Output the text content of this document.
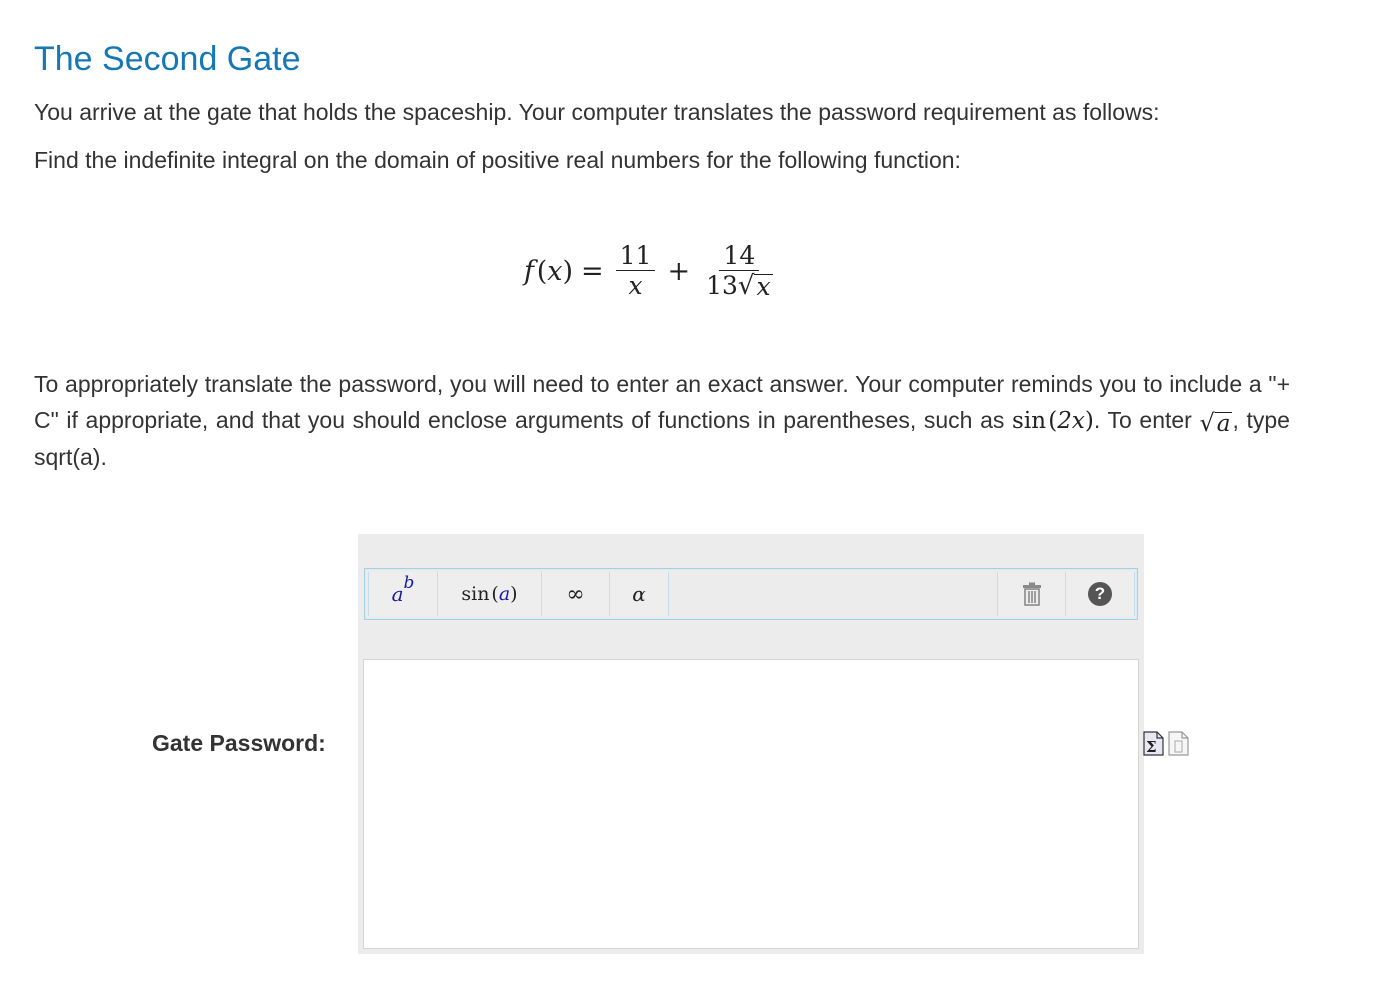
The Second Gate

You arrive at the gate that holds the spaceship. Your computer translates the password requirement as follows:

Find the indefinite integral on the domain of positive real numbers for the following function:

f  ( x ) = $\frac{11}{x} + \frac{14}{13 √ x}$

To appropriately translate the password, you will need to enter an exact answer. Your computer reminds you to include a "+ C" if appropriate, and that you should enclose arguments of functions in parentheses, such as sin (2x). To enter √ a , type sqrt(a).

Gate Password:
a b sin  ( a )	∞	α	?
Σ
